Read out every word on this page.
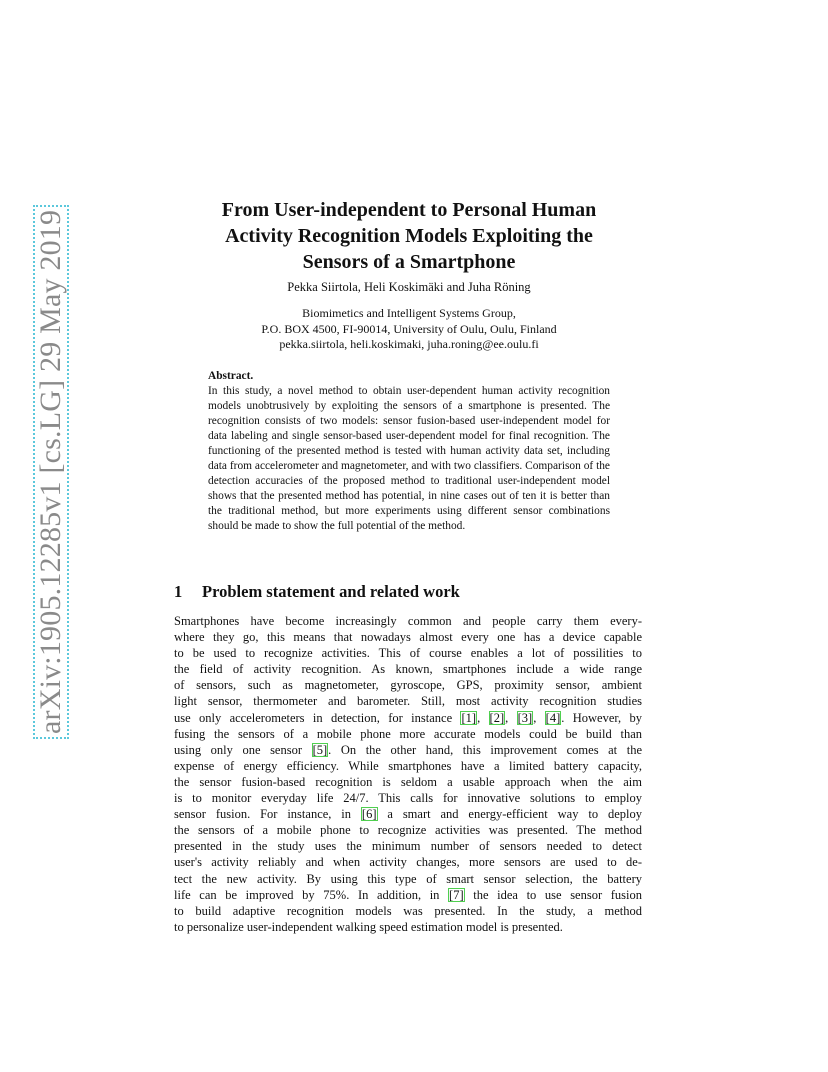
arXiv:1905.12285v1 [cs.LG] 29 May 2019	From User-independent to Personal Human
Activity Recognition Models Exploiting the
Sensors of a Smartphone
Pekka Siirtola, Heli Koskimäki and Juha Röning
Biomimetics and Intelligent Systems Group,
P.O. BOX 4500, FI-90014, University of Oulu, Oulu, Finland
pekka.siirtola, heli.koskimaki, juha.roning@ee.oulu.fi
Abstract.
In this study, a novel method to obtain user-dependent human activity recognition models unobtrusively by exploiting the sensors of a smartphone is presented. The recognition consists of two models: sensor fusion-based user-independent model for data labeling and single sensor-based user-dependent model for final recognition. The functioning of the presented method is tested with human activity data set, including data from accelerometer and magnetometer, and with two classifiers. Comparison of the detection accuracies of the proposed method to traditional user-independent model shows that the presented method has potential, in nine cases out of ten it is better than the traditional method, but more experiments using different sensor combinations should be made to show the full potential of the method.
1 Problem statement and related work
Smartphones have become increasingly common and people carry them every-
where they go, this means that nowadays almost every one has a device capable
to be used to recognize activities. This of course enables a lot of possilities to
the field of activity recognition. As known, smartphones include a wide range
of sensors, such as magnetometer, gyroscope, GPS, proximity sensor, ambient
light sensor, thermometer and barometer. Still, most activity recognition studies
use only accelerometers in detection, for instance [1], [2], [3], [4]. However, by
fusing the sensors of a mobile phone more accurate models could be build than
using only one sensor [5]. On the other hand, this improvement comes at the
expense of energy efficiency. While smartphones have a limited battery capacity,
the sensor fusion-based recognition is seldom a usable approach when the aim
is to monitor everyday life 24/7. This calls for innovative solutions to employ
sensor fusion. For instance, in [6] a smart and energy-efficient way to deploy
the sensors of a mobile phone to recognize activities was presented. The method
presented in the study uses the minimum number of sensors needed to detect
user's activity reliably and when activity changes, more sensors are used to de-
tect the new activity. By using this type of smart sensor selection, the battery
life can be improved by 75%. In addition, in [7] the idea to use sensor fusion
to build adaptive recognition models was presented. In the study, a method
to personalize user-independent walking speed estimation model is presented.
